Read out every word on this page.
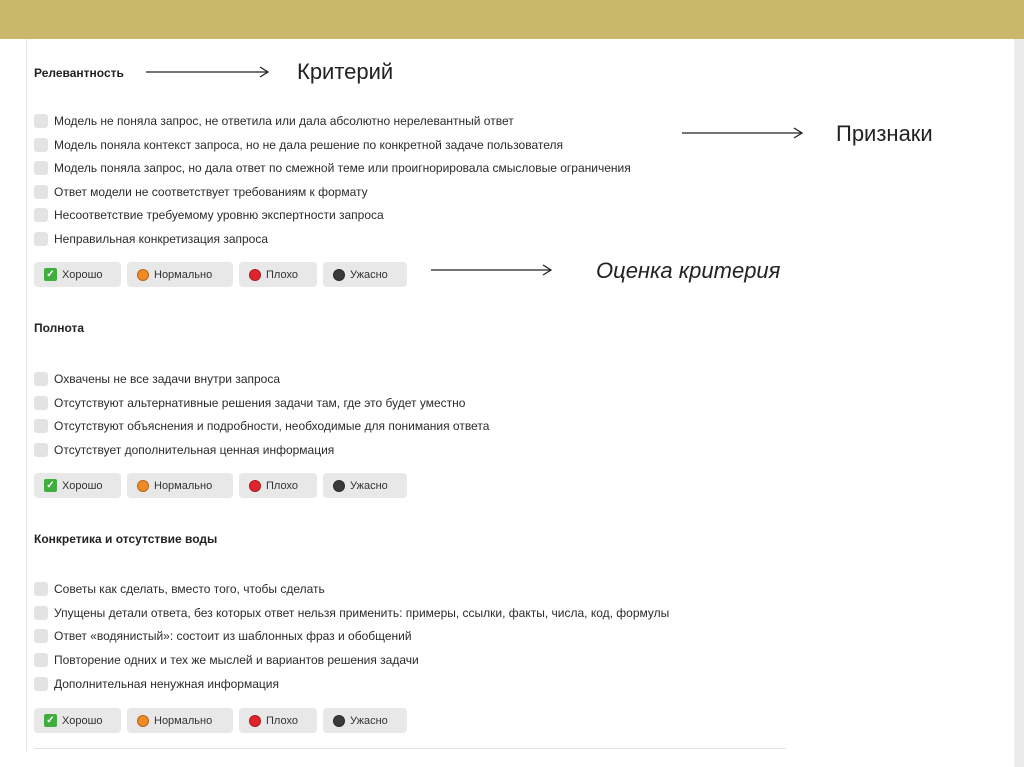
Релевантность
Модель не поняла запрос, не ответила или дала абсолютно нерелевантный ответ
Модель поняла контекст запроса, но не дала решение по конкретной задаче пользователя
Модель поняла запрос, но дала ответ по смежной теме или проигнорировала смысловые ограничения
Ответ модели не соответствует требованиям к формату
Несоответствие требуемому уровню экспертности запроса
Неправильная конкретизация запроса
✓ Хорошо	Нормально	Плохо	Ужасно
Полнота
Охвачены не все задачи внутри запроса
Отсутствуют альтернативные решения задачи там, где это будет уместно
Отсутствуют объяснения и подробности, необходимые для понимания ответа
Отсутствует дополнительная ценная информация
✓ Хорошо	Нормально	Плохо	Ужасно
Конкретика и отсутствие воды
Советы как сделать, вместо того, чтобы сделать
Упущены детали ответа, без которых ответ нельзя применить: примеры, ссылки, факты, числа, код, формулы
Ответ «водянистый»: состоит из шаблонных фраз и обобщений
Повторение одних и тех же мыслей и вариантов решения задачи
Дополнительная ненужная информация
✓ Хорошо	Нормально	Плохо	Ужасно
Критерий
Признаки
Оценка критерия
